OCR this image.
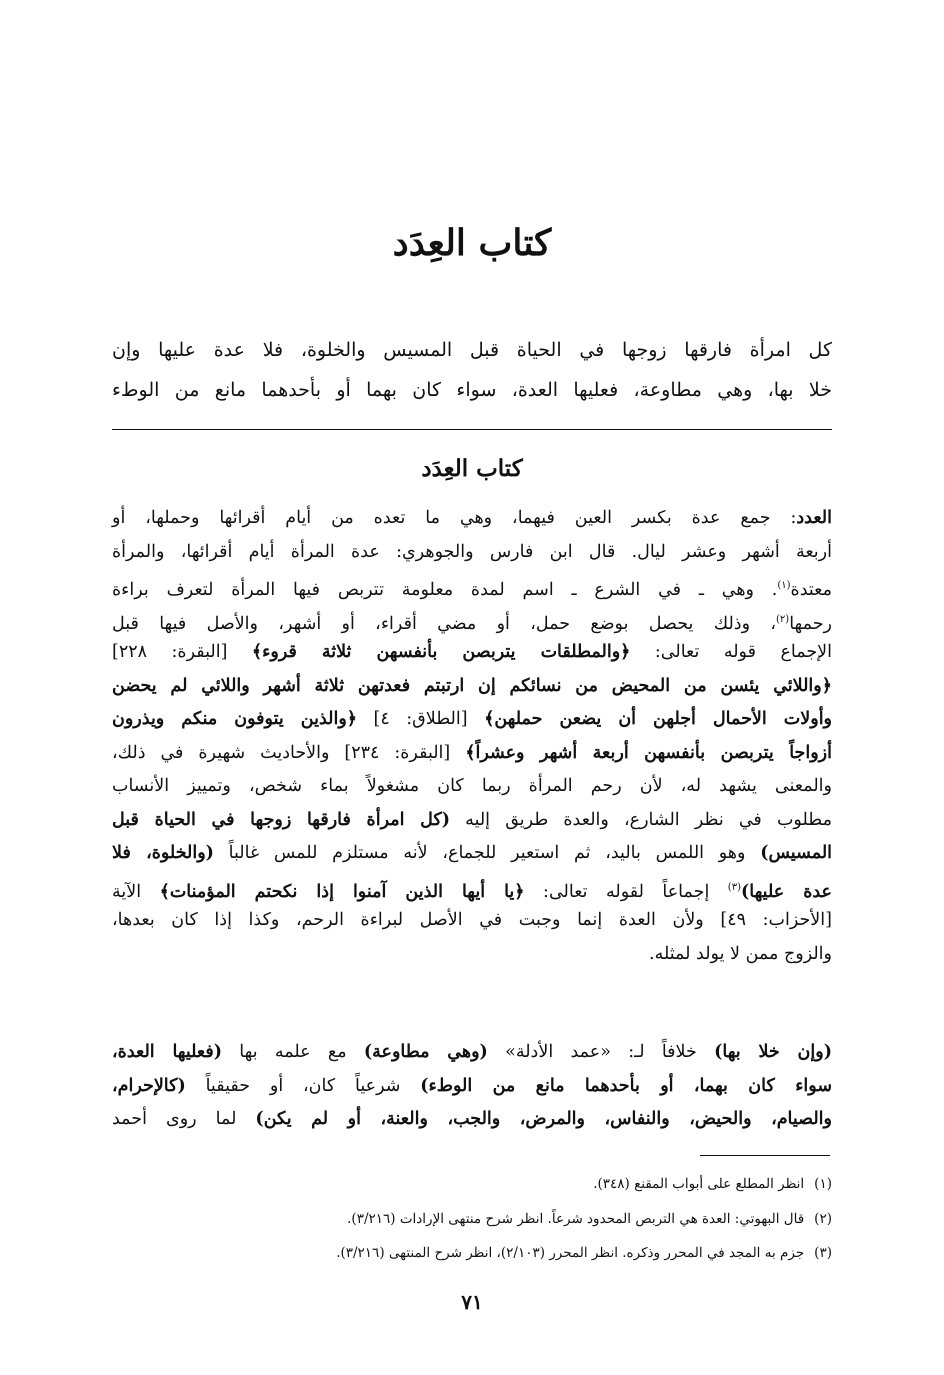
كتاب العِدَد
كل امرأة فارقها زوجها في الحياة قبل المسيس والخلوة، فلا عدة عليها وإن
خلا بها، وهي مطاوعة، فعليها العدة، سواء كان بهما أو بأحدهما مانع من الوطء
كتاب العِدَد
العدد: جمع عدة بكسر العين فيهما، وهي ما تعده من أيام أقرائها وحملها، أو
أربعة أشهر وعشر ليال. قال ابن فارس والجوهري: عدة المرأة أيام أقرائها، والمرأة
معتدة$^{(١)}$. وهي ـ في الشرع ـ اسم لمدة معلومة تتربص فيها المرأة لتعرف براءة
رحمها$^{(٢)}$، وذلك يحصل بوضع حمل، أو مضي أقراء، أو أشهر، والأصل فيها قبل
الإجماع قوله تعالى: ﴿والمطلقات يتربصن بأنفسهن ثلاثة قروء﴾ [البقرة: ٢٢٨]
﴿واللائي يئسن من المحيض من نسائكم إن ارتبتم فعدتهن ثلاثة أشهر واللائي لم يحضن
وأولات الأحمال أجلهن أن يضعن حملهن﴾ [الطلاق: ٤] ﴿والذين يتوفون منكم ويذرون
أزواجاً يتربصن بأنفسهن أربعة أشهر وعشراً﴾ [البقرة: ٢٣٤] والأحاديث شهيرة في ذلك،
والمعنى يشهد له، لأن رحم المرأة ربما كان مشغولاً بماء شخص، وتمييز الأنساب
مطلوب في نظر الشارع، والعدة طريق إليه (كل امرأة فارقها زوجها في الحياة قبل
المسيس) وهو اللمس باليد، ثم استعير للجماع، لأنه مستلزم للمس غالباً (والخلوة، فلا
عدة عليها)$^{(٣)}$ إجماعاً لقوله تعالى: ﴿يا أيها الذين آمنوا إذا نكحتم المؤمنات﴾ الآية
[الأحزاب: ٤٩] ولأن العدة إنما وجبت في الأصل لبراءة الرحم، وكذا إذا كان بعدها،
والزوج ممن لا يولد لمثله.
(وإن خلا بها) خلافاً لـ: «عمد الأدلة» (وهي مطاوعة) مع علمه بها (فعليها العدة،
سواء كان بهما، أو بأحدهما مانع من الوطء) شرعياً كان، أو حقيقياً (كالإحرام،
والصيام، والحيض، والنفاس، والمرض، والجب، والعنة، أو لم يكن) لما روى أحمد
(١)انظر المطلع على أبواب المقنع (٣٤٨).
(٢)قال البهوتي: العدة هي التربص المحدود شرعاً. انظر شرح منتهى الإرادات (٣/٢١٦).
(٣)جزم به المجد في المحرر وذكره. انظر المحرر (٢/١٠٣)، انظر شرح المنتهى (٣/٢١٦).
٧١
